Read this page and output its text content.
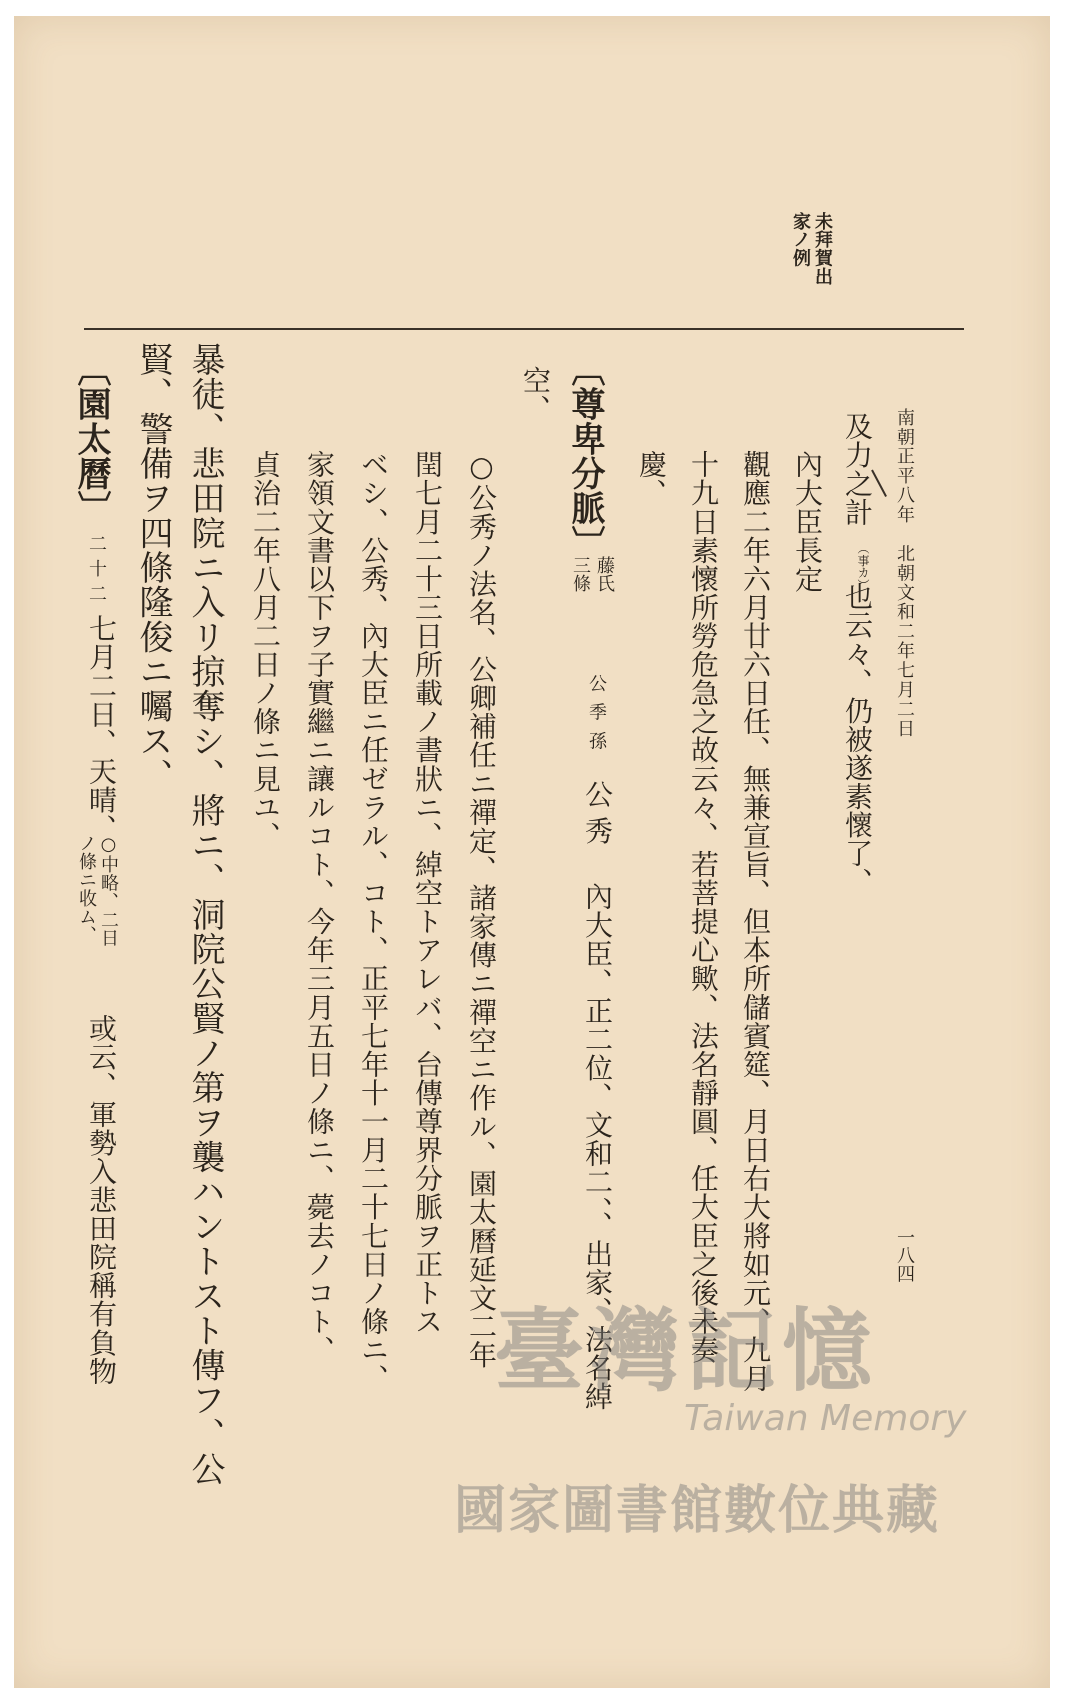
未拜賀出
家ノ例
南朝正平八年　北朝文和二年七月二日
一八四
及力之計
（事カ）
也云々、仍被遂素懷了、
內大臣長定
觀應二年六月廿六日任、無兼宣旨、但本所儲賓筵、月日右大將如元、九月
十九日素懷所勞危急之故云々、若菩提心歟、法名靜圓、任大臣之後未奏
慶、
〔尊卑分脈〕
藤氏
三條
公季孫
公秀
內大臣、正二位、文和二、、出家、法名綽
空、
○公秀ノ法名、公卿補任ニ禪定、諸家傳ニ禪空ニ作ル、園太曆延文二年
閏七月二十三日所載ノ書狀ニ、綽空トアレバ、台傳尊界分脈ヲ正トス
ベシ、公秀、內大臣ニ任ゼラル、コト、正平七年十一月二十七日ノ條ニ、
家領文書以下ヲ子實繼ニ讓ルコト、今年三月五日ノ條ニ、薨去ノコト、
貞治二年八月二日ノ條ニ見ユ、
暴徒、悲田院ニ入リ掠奪シ、將ニ、洞院公賢ノ第ヲ襲ハントスト傳フ、公
賢、警備ヲ四條隆俊ニ囑ス、
〔園太曆〕
二十二
七月二日、天晴、
○中略、二日
ノ條ニ收ム、
或云、軍勢入悲田院稱有負物	臺灣記憶
Taiwan Memory
國家圖書館數位典藏
